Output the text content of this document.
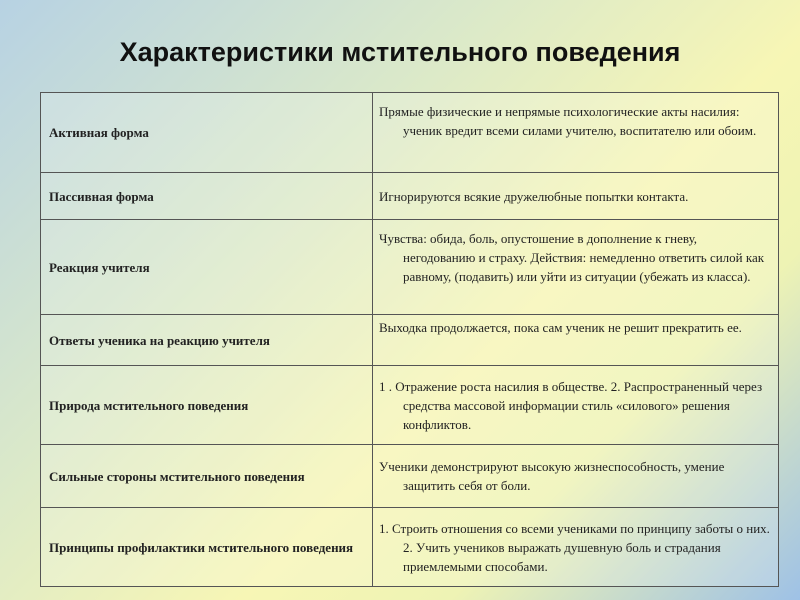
Характеристики мстительного поведения
Активная форма	Прямые физические и непрямые психологические акты насилия: ученик вредит всеми силами учителю, воспитателю или обоим.

Пассивная форма	Игнорируются всякие дружелюбные попытки контакта.

Реакция учителя	Чувства: обида, боль, опустошение в дополнение к гневу, негодованию и страху. Действия: немедленно ответить силой как равному, (подавить) или уйти из ситуации (убежать из класса).

Ответы ученика на реакцию учителя	Выходка продолжается, пока сам ученик не решит прекратить ее.

Природа мстительного поведения	1 . Отражение роста насилия в обществе. 2. Распространенный через средства массовой информации стиль «силового» решения конфликтов.

Сильные стороны мстительного поведения	Ученики демонстрируют высокую жизнеспособность, умение защитить себя от боли.

Принципы профилактики мстительного поведения	1. Строить отношения со всеми учениками по принципу заботы о них. 2. Учить учеников выражать душевную боль и страдания приемлемыми способами.
